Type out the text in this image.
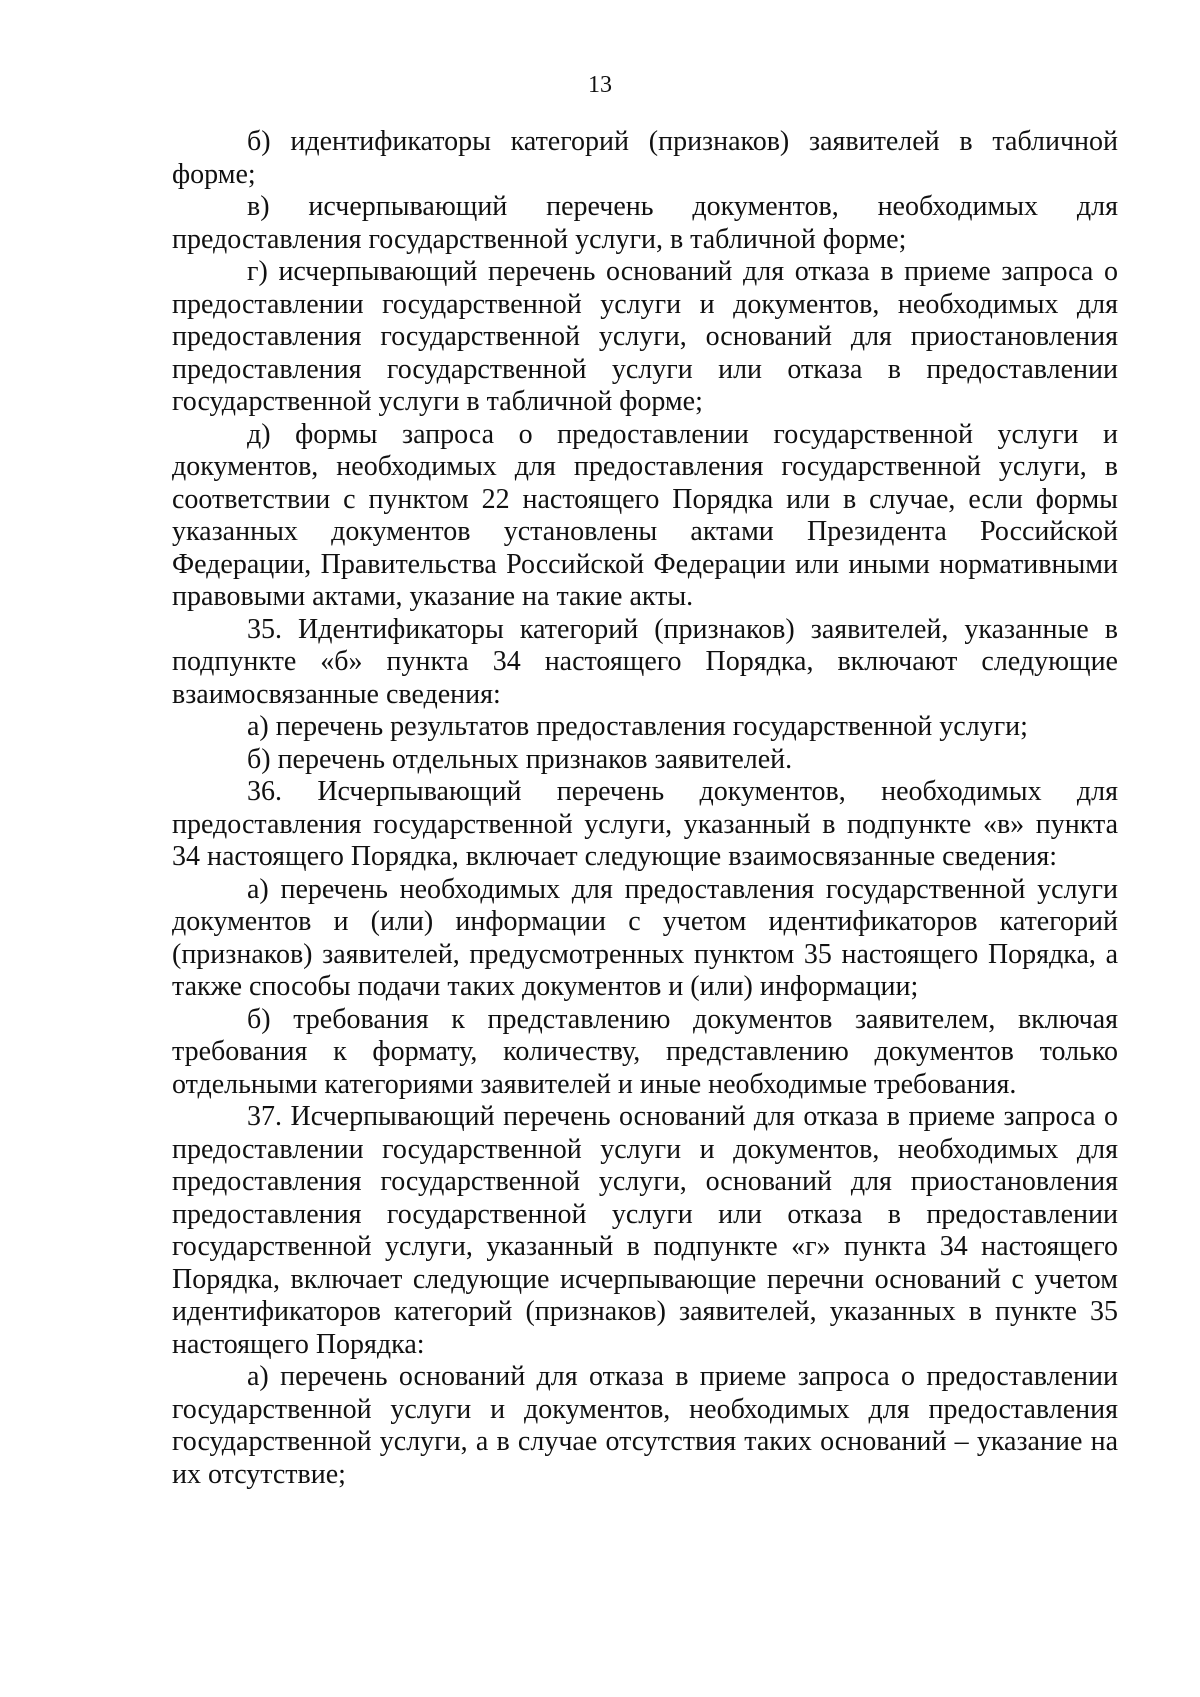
13

б) идентификаторы категорий (признаков) заявителей в табличной форме;

в) исчерпывающий перечень документов, необходимых для предоставления государственной услуги, в табличной форме;

г) исчерпывающий перечень оснований для отказа в приеме запроса о предоставлении государственной услуги и документов, необходимых для предоставления государственной услуги, оснований для приостановления предоставления государственной услуги или отказа в предоставлении государственной услуги в табличной форме;

д) формы запроса о предоставлении государственной услуги и документов, необходимых для предоставления государственной услуги, в соответствии с пунктом 22 настоящего Порядка или в случае, если формы указанных документов установлены актами Президента Российской Федерации, Правительства Российской Федерации или иными нормативными правовыми актами, указание на такие акты.

35. Идентификаторы категорий (признаков) заявителей, указанные в подпункте «б» пункта 34 настоящего Порядка, включают следующие взаимосвязанные сведения:

а) перечень результатов предоставления государственной услуги;

б) перечень отдельных признаков заявителей.

36. Исчерпывающий перечень документов, необходимых для предоставления государственной услуги, указанный в подпункте «в» пункта 34 настоящего Порядка, включает следующие взаимосвязанные сведения:

а) перечень необходимых для предоставления государственной услуги документов и (или) информации с учетом идентификаторов категорий (признаков) заявителей, предусмотренных пунктом 35 настоящего Порядка, а также способы подачи таких документов и (или) информации;

б) требования к представлению документов заявителем, включая требования к формату, количеству, представлению документов только отдельными категориями заявителей и иные необходимые требования.

37. Исчерпывающий перечень оснований для отказа в приеме запроса о предоставлении государственной услуги и документов, необходимых для предоставления государственной услуги, оснований для приостановления предоставления государственной услуги или отказа в предоставлении государственной услуги, указанный в подпункте «г» пункта 34 настоящего Порядка, включает следующие исчерпывающие перечни оснований с учетом идентификаторов категорий (признаков) заявителей, указанных в пункте 35 настоящего Порядка:

а) перечень оснований для отказа в приеме запроса о предоставлении государственной услуги и документов, необходимых для предоставления государственной услуги, а в случае отсутствия таких оснований – указание на их отсутствие;
